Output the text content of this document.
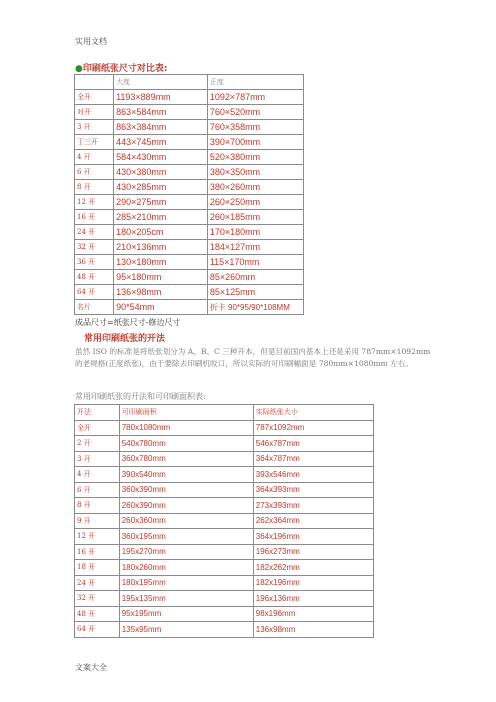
实用文档
●印刷纸张尺寸对比表:
	大度	正度
全开	1193×889mm	1092×787mm
对开	863×584mm	760×520mm
3 开	863×384mm	760×358mm
丁三开	443×745mm	390×700mm
4 开	584×430mm	520×380mm
6 开	430×380mm	380×350mm
8 开	430×285mm	380×260mm
12 开	290×275mm	260×250mm
16 开	285×210mm	260×185mm
24 开	180×205cm	170×180mm
32 开	210×136mm	184×127mm
36 开	130×180mm	115×170mm
48 开	95×180mm	85×260mm
64 开	136×98mm	85×125mm
名片	90*54mm	折卡 90*95/90*108MM
成品尺寸=纸张尺寸-修边尺寸
常用印刷纸张的开法
虽然 ISO 的标准是将纸张划分为 A、B、C 三种开本，但是目前国内基本上还是采用 787mm×1092mm 的老规格(正度纸张)，由于要除去印刷机咬口，所以实际的可印刷幅面是 780mm×1080mm 左右。
常用印刷纸张的开法和可印刷面积表:
开法	可印刷面积	实际纸张大小
全开	780x1080mm	787x1092mm
2 开	540x780mm	546x787mm
3 开	360x780mm	364x787mm
4 开	390x540mm	393x546mm
6 开	360x390mm	364x393mm
8 开	260x390mm	273x393mm
9 开	260x360mm	262x364mm
12 开	360x195mm	364x196mm
16 开	195x270mm	196x273mm
18 开	180x260mm	182x262mm
24 开	180x195mm	182x196mm
32 开	195x135mm	196x136mm
48 开	95x195mm	98x196mm
64 开	135x95mm	136x98mm
文案大全
